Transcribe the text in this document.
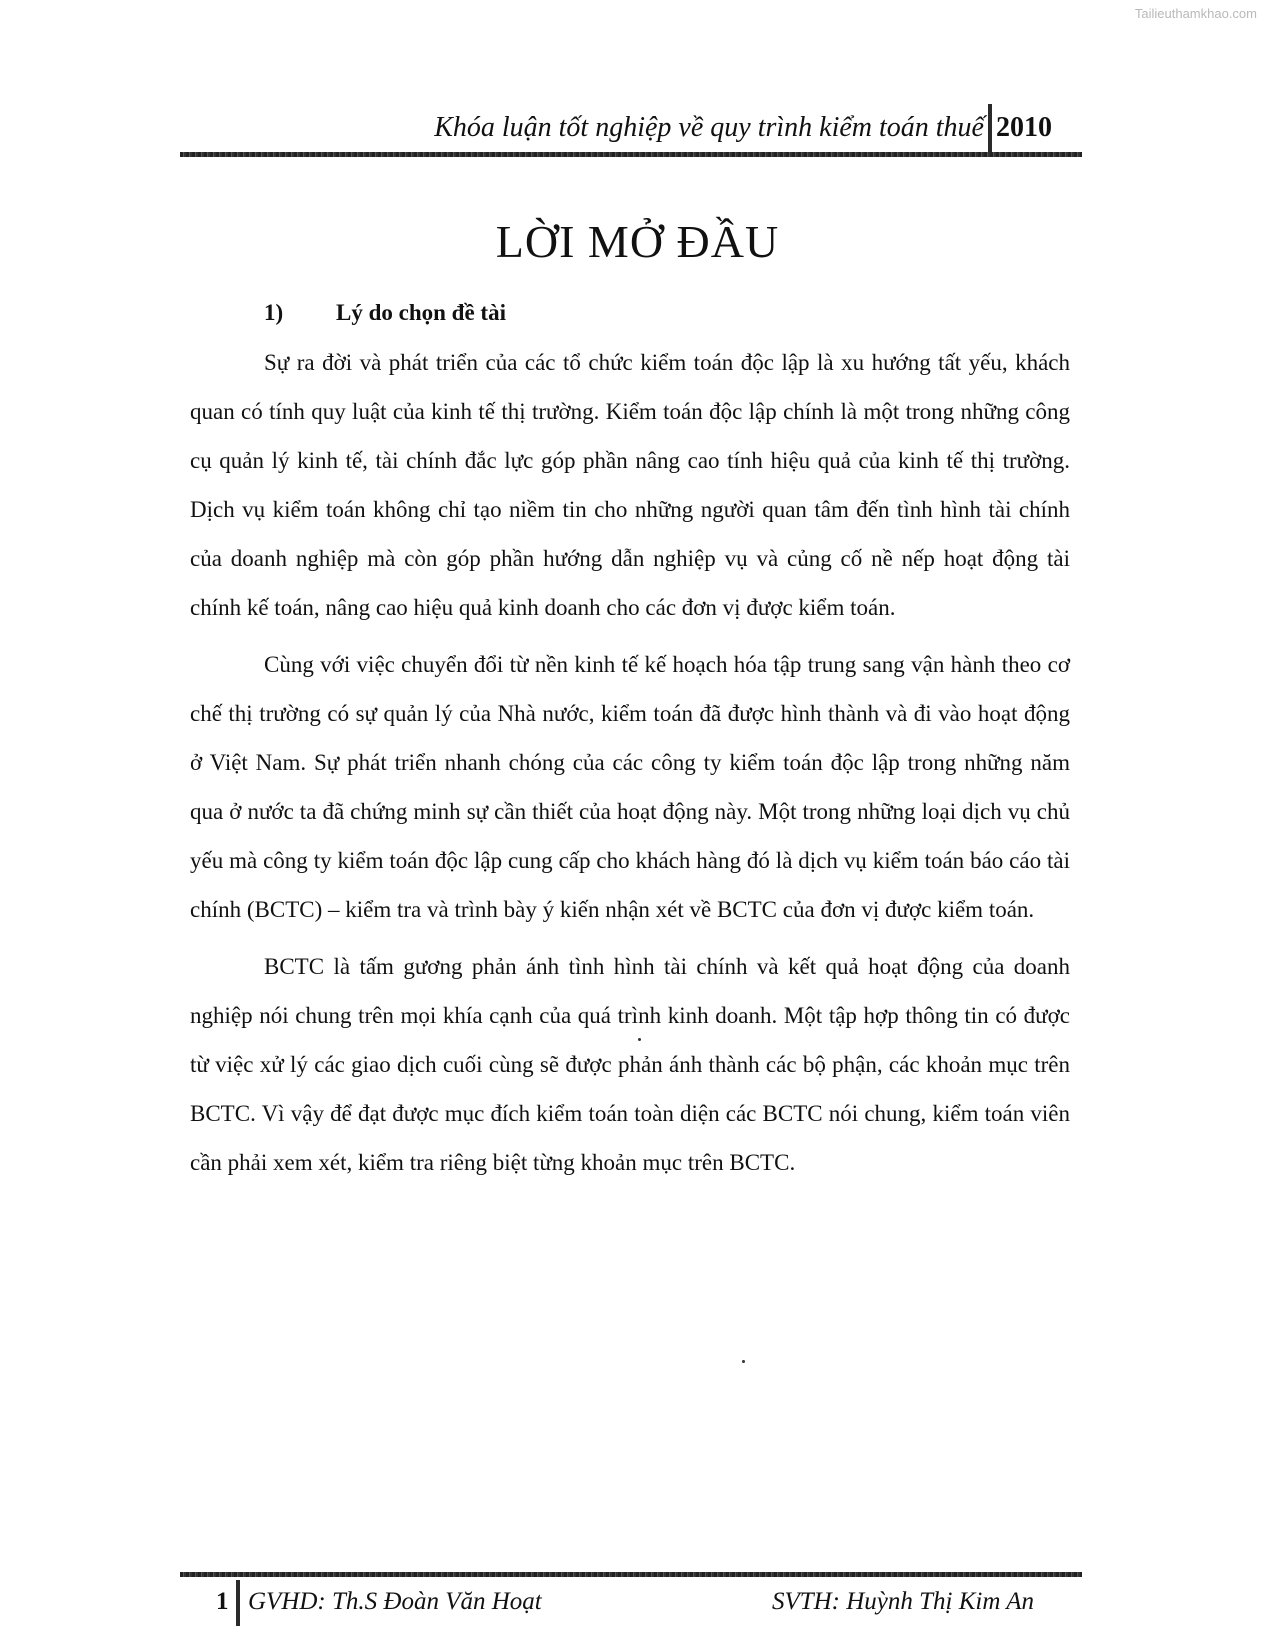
Tailieuthamkhao.com
Khóa luận tốt nghiệp về quy trình kiểm toán thuế 2010
LỜI MỞ ĐẦU
1) Lý do chọn đề tài

Sự ra đời và phát triển của các tổ chức kiểm toán độc lập là xu hướng tất yếu, khách quan có tính quy luật của kinh tế thị trường. Kiểm toán độc lập chính là một trong những công cụ quản lý kinh tế, tài chính đắc lực góp phần nâng cao tính hiệu quả của kinh tế thị trường. Dịch vụ kiểm toán không chỉ tạo niềm tin cho những người quan tâm đến tình hình tài chính của doanh nghiệp mà còn góp phần hướng dẫn nghiệp vụ và củng cố nề nếp hoạt động tài chính kế toán, nâng cao hiệu quả kinh doanh cho các đơn vị được kiểm toán.

Cùng với việc chuyển đổi từ nền kinh tế kế hoạch hóa tập trung sang vận hành theo cơ chế thị trường có sự quản lý của Nhà nước, kiểm toán đã được hình thành và đi vào hoạt động ở Việt Nam. Sự phát triển nhanh chóng của các công ty kiểm toán độc lập trong những năm qua ở nước ta đã chứng minh sự cần thiết của hoạt động này. Một trong những loại dịch vụ chủ yếu mà công ty kiểm toán độc lập cung cấp cho khách hàng đó là dịch vụ kiểm toán báo cáo tài chính (BCTC) – kiểm tra và trình bày ý kiến nhận xét về BCTC của đơn vị được kiểm toán.

BCTC là tấm gương phản ánh tình hình tài chính và kết quả hoạt động của doanh nghiệp nói chung trên mọi khía cạnh của quá trình kinh doanh. Một tập hợp thông tin có được từ việc xử lý các giao dịch cuối cùng sẽ được phản ánh thành các bộ phận, các khoản mục trên BCTC. Vì vậy để đạt được mục đích kiểm toán toàn diện các BCTC nói chung, kiểm toán viên cần phải xem xét, kiểm tra riêng biệt từng khoản mục trên BCTC.

1 GVHD: Th.S Đoàn Văn Hoạt	SVTH: Huỳnh Thị Kim An
